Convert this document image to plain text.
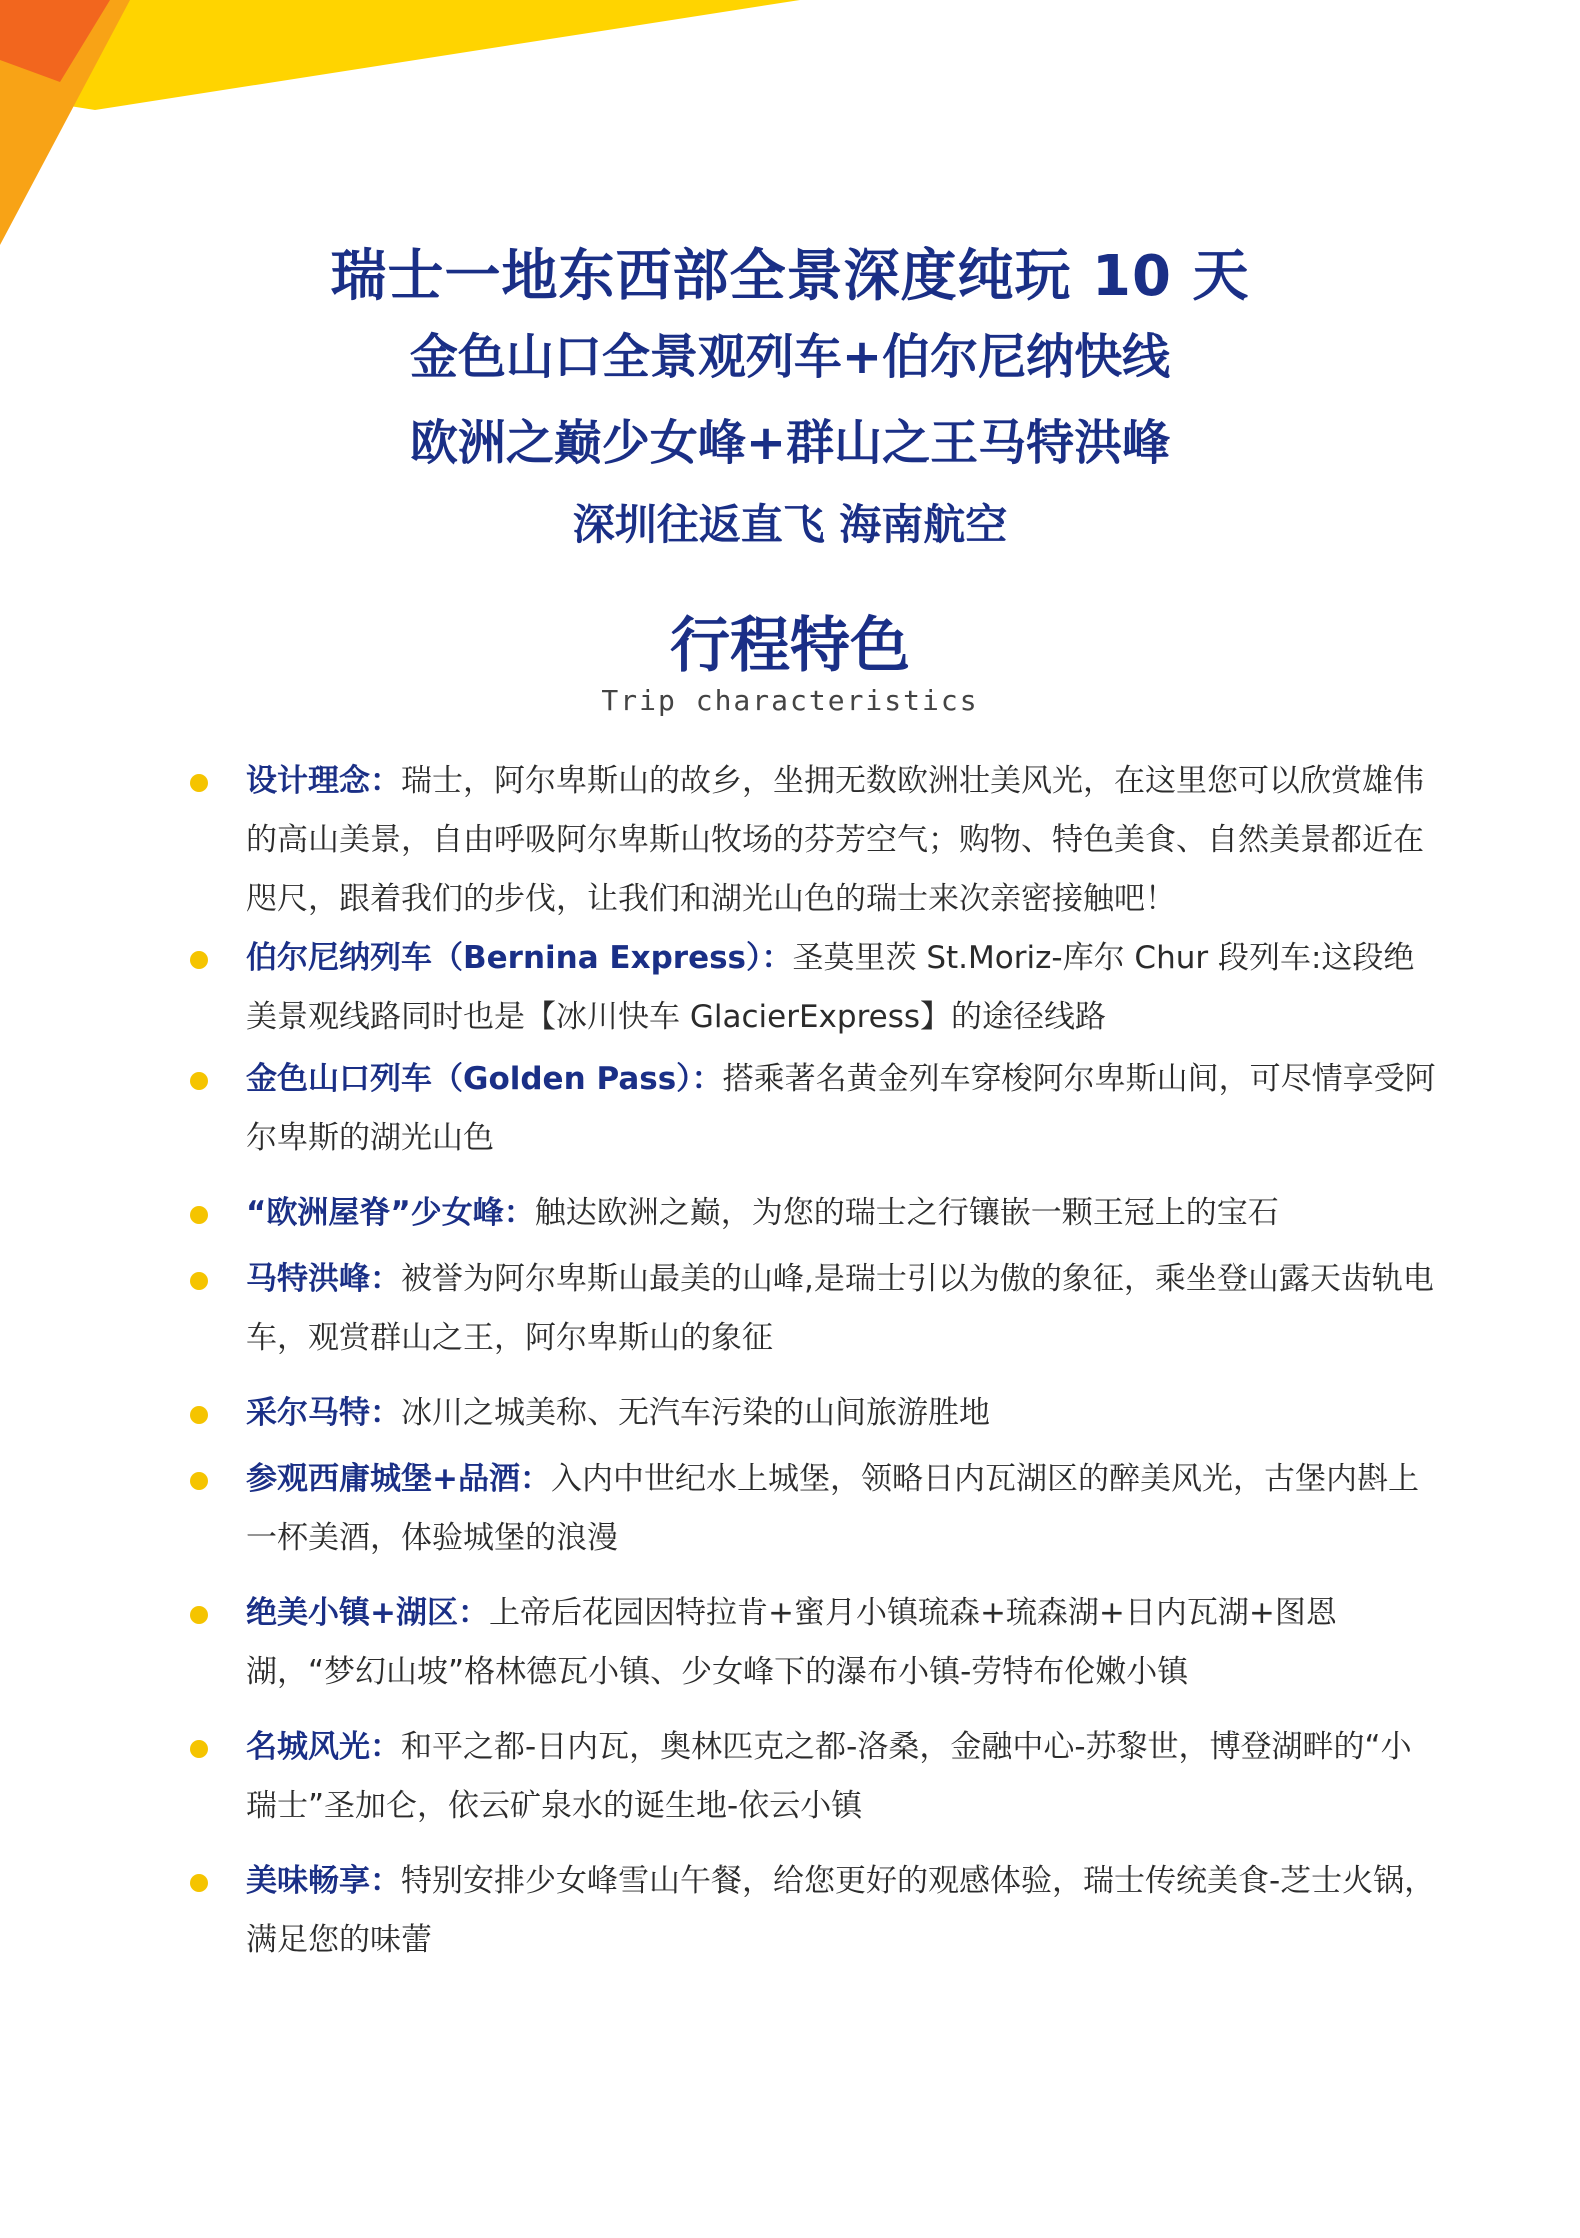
瑞士一地东西部全景深度纯玩 10 天
金色山口全景观列车+伯尔尼纳快线
欧洲之巅少女峰+群山之王马特洪峰
深圳往返直飞 海南航空
行程特色
Trip characteristics
设计理念：瑞士，阿尔卑斯山的故乡，坐拥无数欧洲壮美风光，在这里您可以欣赏雄伟的高山美景，自由呼吸阿尔卑斯山牧场的芬芳空气；购物、特色美食、自然美景都近在咫尺，跟着我们的步伐，让我们和湖光山色的瑞士来次亲密接触吧！
伯尔尼纳列车（Bernina Express）：圣莫里茨 St.Moriz-库尔 Chur 段列车:这段绝美景观线路同时也是【冰川快车 GlacierExpress】的途径线路
金色山口列车（Golden Pass）：搭乘著名黄金列车穿梭阿尔卑斯山间，可尽情享受阿尔卑斯的湖光山色
“欧洲屋脊”少女峰：触达欧洲之巅，为您的瑞士之行镶嵌一颗王冠上的宝石
马特洪峰：被誉为阿尔卑斯山最美的山峰,是瑞士引以为傲的象征，乘坐登山露天齿轨电车，观赏群山之王，阿尔卑斯山的象征
采尔马特：冰川之城美称、无汽车污染的山间旅游胜地
参观西庸城堡+品酒：入内中世纪水上城堡，领略日内瓦湖区的醉美风光，古堡内斟上一杯美酒，体验城堡的浪漫
绝美小镇+湖区：上帝后花园因特拉肯+蜜月小镇琉森+琉森湖+日内瓦湖+图恩湖，“梦幻山坡”格林德瓦小镇、少女峰下的瀑布小镇-劳特布伦嫩小镇
名城风光：和平之都-日内瓦，奥林匹克之都-洛桑，金融中心-苏黎世，博登湖畔的“小瑞士”圣加仑，依云矿泉水的诞生地-依云小镇
美味畅享：特别安排少女峰雪山午餐，给您更好的观感体验，瑞士传统美食-芝士火锅，满足您的味蕾
